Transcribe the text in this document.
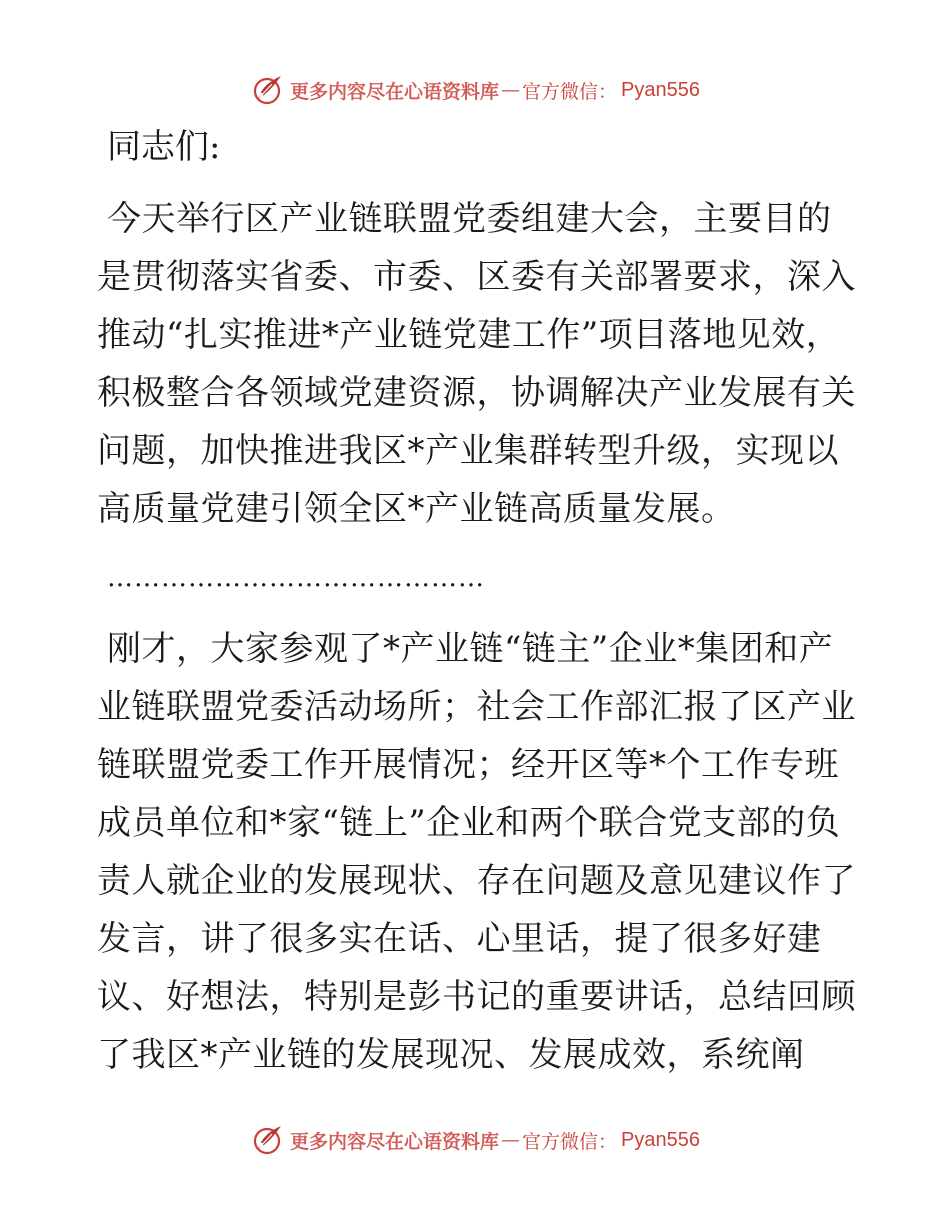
更多内容尽在心语资料库 — 官方微信： Pyan556

同志们:

今天举行区产业链联盟党委组建大会，主要目的是贯彻落实省委、市委、区委有关部署要求，深入推动“扎实推进*产业链党建工作”项目落地见效，积极整合各领域党建资源，协调解决产业发展有关问题，加快推进我区*产业集群转型升级，实现以高质量党建引领全区*产业链高质量发展。

……………………………………

刚才，大家参观了*产业链“链主”企业*集团和产业链联盟党委活动场所；社会工作部汇报了区产业链联盟党委工作开展情况；经开区等*个工作专班成员单位和*家“链上”企业和两个联合党支部的负责人就企业的发展现状、存在问题及意见建议作了发言，讲了很多实在话、心里话，提了很多好建议、好想法，特别是彭书记的重要讲话，总结回顾了我区*产业链的发展现况、发展成效，系统阐

更多内容尽在心语资料库 — 官方微信： Pyan556
